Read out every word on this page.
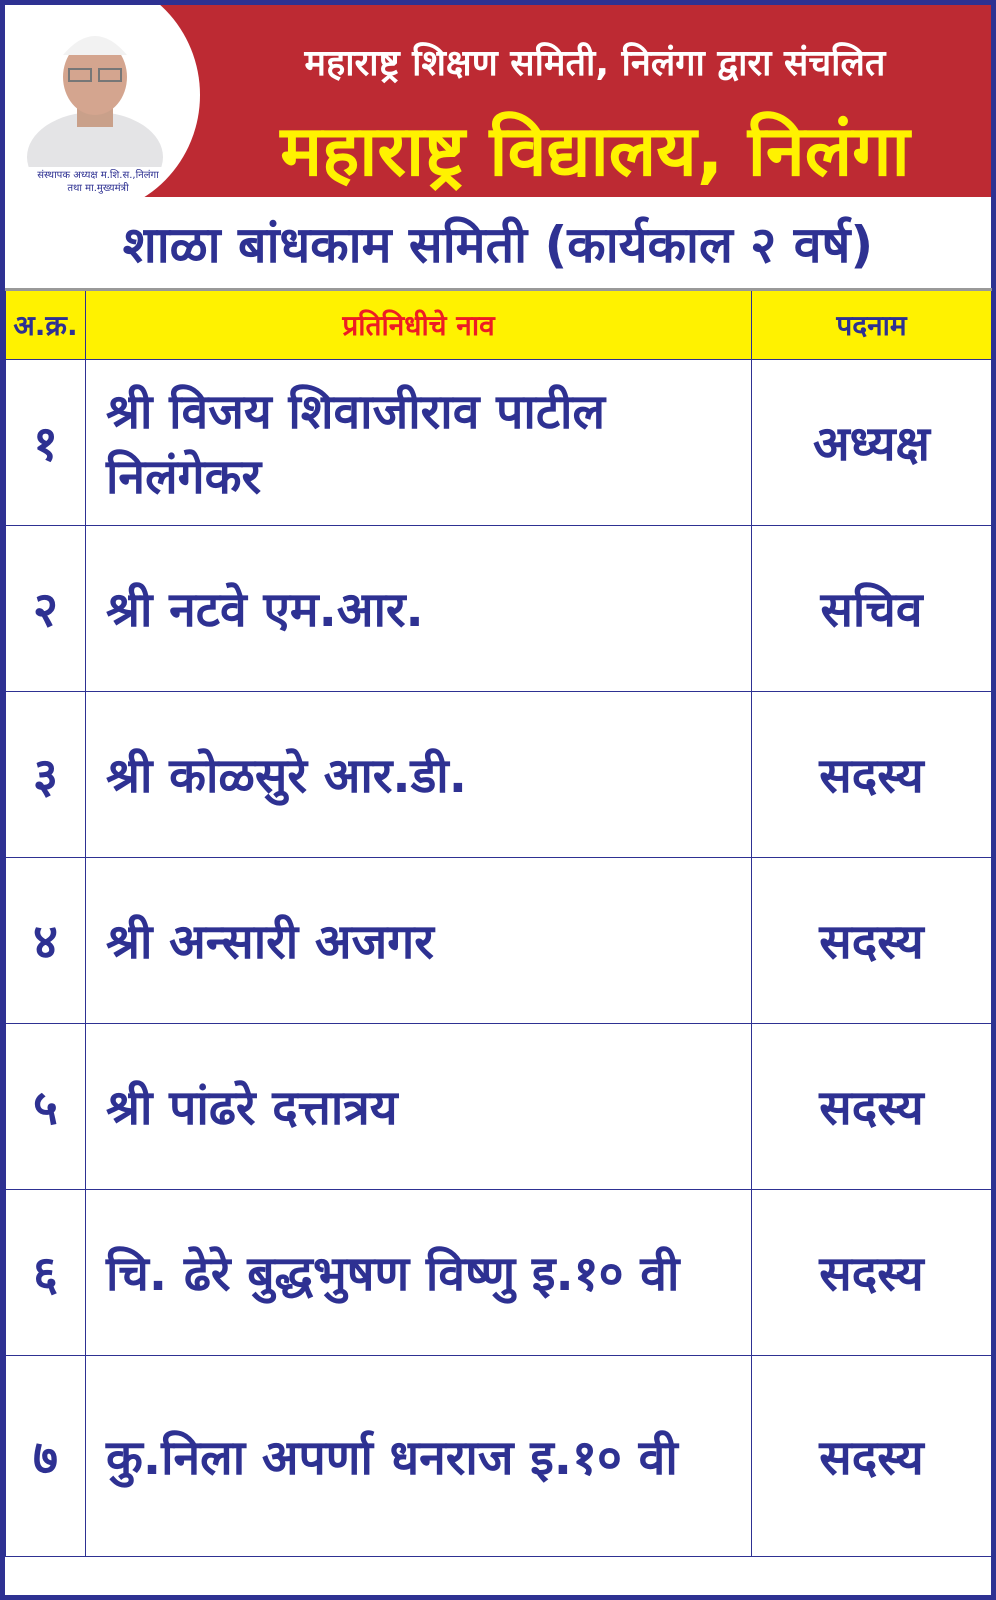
संस्थापक अध्यक्ष म.शि.स.,निलंगा
तथा मा.मुख्यमंत्री
महाराष्ट्र शिक्षण समिती, निलंगा द्वारा संचलित
महाराष्ट्र विद्यालय, निलंगा
शाळा बांधकाम समिती (कार्यकाल २ वर्ष)
अ.क्र.	प्रतिनिधीचे नाव	पदनाम
१	श्री विजय शिवाजीराव पाटील निलंगेकर	अध्यक्ष
२	श्री नटवे एम.आर.	सचिव
३	श्री कोळसुरे आर.डी.	सदस्य
४	श्री अन्सारी अजगर	सदस्य
५	श्री पांढरे दत्तात्रय	सदस्य
६	चि. ढेरे बुद्धभुषण विष्णु इ.१० वी	सदस्य
७	कु.निला अपर्णा धनराज इ.१० वी	सदस्य
